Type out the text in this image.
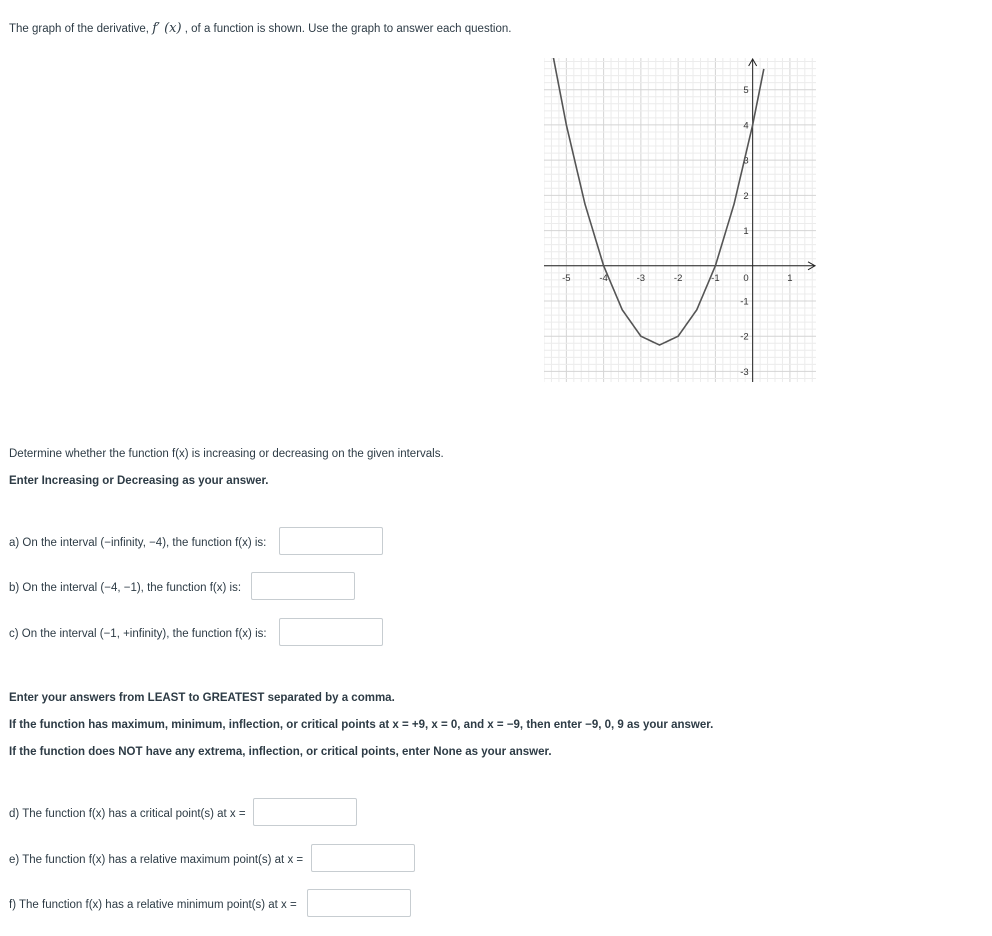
The graph of the derivative, f′ (x) , of a function is shown. Use the graph to answer each question.
-5	-4	-3	-2	-1 0	1
5
4
3
2
1
-1
-2
-3
Determine whether the function f(x) is increasing or decreasing on the given intervals.
Enter Increasing or Decreasing as your answer.
a) On the interval (−infinity, −4), the function f(x) is:
b) On the interval (−4, −1), the function f(x) is:
c) On the interval (−1, +infinity), the function f(x) is:
Enter your answers from LEAST to GREATEST separated by a comma.
If the function has maximum, minimum, inflection, or critical points at x = +9, x = 0, and x = −9, then enter −9, 0, 9 as your answer.
If the function does NOT have any extrema, inflection, or critical points, enter None as your answer.
d) The function f(x) has a critical point(s) at x =
e) The function f(x) has a relative maximum point(s) at x =
f) The function f(x) has a relative minimum point(s) at x =
